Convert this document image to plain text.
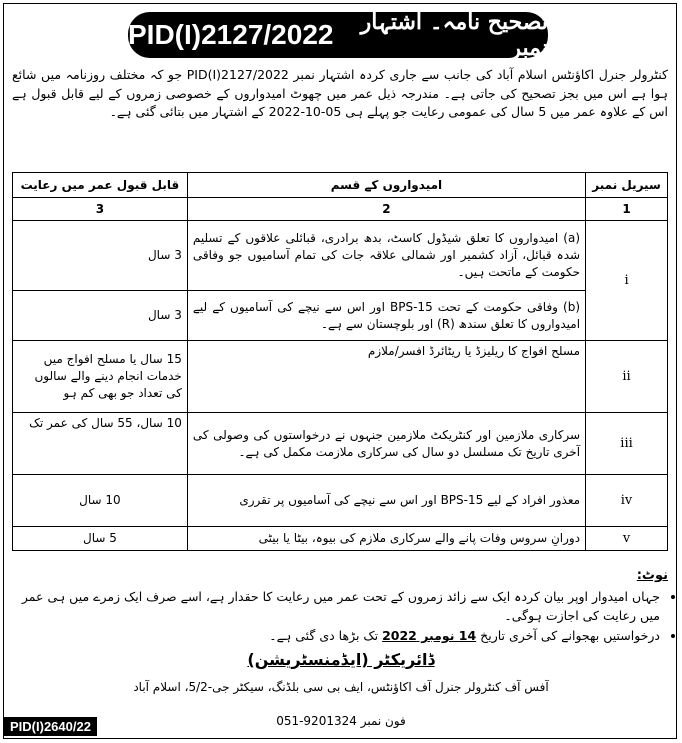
تصحیح نامہ۔ اشتہار نمبر
PID(I)2127/2022
کنٹرولر جنرل اکاؤنٹس اسلام آباد کی جانب سے جاری کردہ اشتہار نمبر PID(I)2127/2022 جو کہ مختلف روزنامہ میں شائع ہوا ہے اس میں بجز تصحیح کی جاتی ہے۔ مندرجہ ذیل عمر میں چھوٹ امیدواروں کے خصوصی زمروں کے لیے قابل قبول ہے اس کے علاوہ عمر میں 5 سال کی عمومی رعایت جو پہلے ہی 05-10-2022 کے اشتہار میں بتائی گئی ہے۔
سیریل نمبر	امیدواروں کے قسم	قابل قبول عمر میں رعایت
1	2	3
i	(a) امیدواروں کا تعلق شیڈول کاسٹ، بدھ برادری، قبائلی علاقوں کے تسلیم شدہ قبائل، آزاد کشمیر اور شمالی علاقہ جات کی تمام آسامیوں جو وفاقی حکومت کے ماتحت ہیں۔	3 سال
	(b) وفاقی حکومت کے تحت BPS-15 اور اس سے نیچے کی آسامیوں کے لیے امیدواروں کا تعلق سندھ (R) اور بلوچستان سے ہے۔	3 سال
ii	مسلح افواج کا ریلیزڈ یا ریٹائرڈ افسر/ملازم	15 سال یا مسلح افواج میں خدمات انجام دینے والے سالوں کی تعداد جو بھی کم ہو
iii	سرکاری ملازمین اور کنٹریکٹ ملازمین جنہوں نے درخواستوں کی وصولی کی آخری تاریخ تک مسلسل دو سال کی سرکاری ملازمت مکمل کی ہے۔	10 سال، 55 سال کی عمر تک
iv	معذور افراد کے لیے BPS-15 اور اس سے نیچے کی آسامیوں پر تقرری	10 سال
v	دورانِ سروس وفات پانے والے سرکاری ملازم کی بیوہ، بیٹا یا بیٹی	5 سال
نوٹ:
• جہاں امیدوار اوپر بیان کردہ ایک سے زائد زمروں کے تحت عمر میں رعایت کا حقدار ہے، اسے صرف ایک زمرے میں ہی عمر میں رعایت کی اجازت ہوگی۔
• درخواستیں بھجوانے کی آخری تاریخ 14 نومبر 2022 تک بڑھا دی گئی ہے۔
ڈائریکٹر (ایڈمنسٹریشن)
آفس آف کنٹرولر جنرل آف اکاؤنٹس، ایف بی سی بلڈنگ، سیکٹر جی-5/2، اسلام آباد
فون نمبر 051-9201324
PID(I)2640/22
